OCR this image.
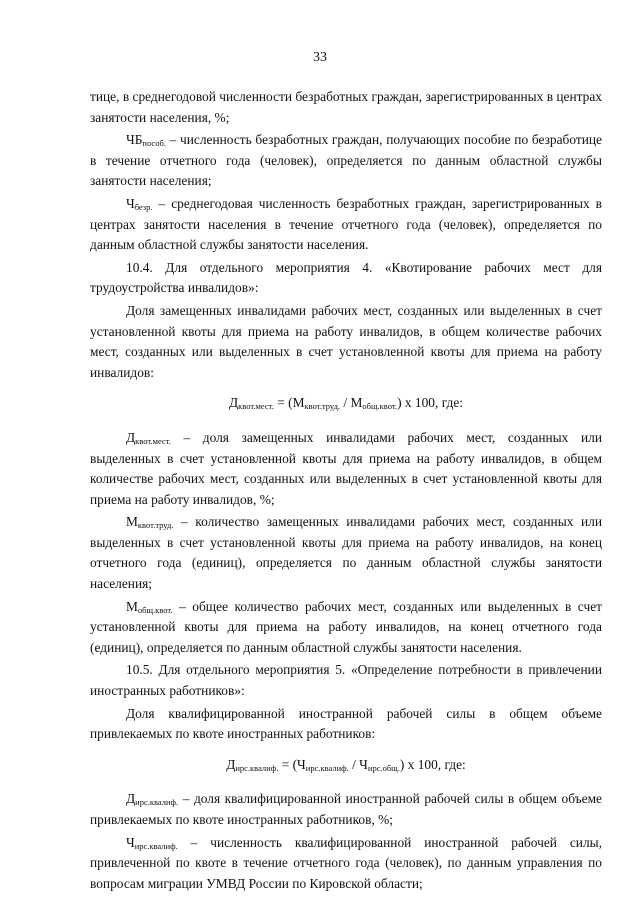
33

тице, в среднегодовой численности безработных граждан, зарегистрированных в центрах занятости населения, %;

$ЧБ_{пособ.}$ – численность безработных граждан, получающих пособие по безработице в течение отчетного года (человек), определяется по данным областной службы занятости населения;

$Ч_{безр.}$ – среднегодовая численность безработных граждан, зарегистрированных в центрах занятости населения в течение отчетного года (человек), определяется по данным областной службы занятости населения.

10.4. Для отдельного мероприятия 4. «Квотирование рабочих мест для трудоустройства инвалидов»:

Доля замещенных инвалидами рабочих мест, созданных или выделенных в счет установленной квоты для приема на работу инвалидов, в общем количестве рабочих мест, созданных или выделенных в счет установленной квоты для приема на работу инвалидов:

$Д_{квот.мест.} = (М_{квот.труд.} / М_{общ.квот.})$ х 100, где:

$Д_{квот.мест.}$ – доля замещенных инвалидами рабочих мест, созданных или выделенных в счет установленной квоты для приема на работу инвалидов, в общем количестве рабочих мест, созданных или выделенных в счет установленной квоты для приема на работу инвалидов, %;

$М_{квот.труд.}$ – количество замещенных инвалидами рабочих мест, созданных или выделенных в счет установленной квоты для приема на работу инвалидов, на конец отчетного года (единиц), определяется по данным областной службы занятости населения;

$М_{общ.квот.}$ – общее количество рабочих мест, созданных или выделенных в счет установленной квоты для приема на работу инвалидов, на конец отчетного года (единиц), определяется по данным областной службы занятости населения.

10.5. Для отдельного мероприятия 5. «Определение потребности в привлечении иностранных работников»:

Доля квалифицированной иностранной рабочей силы в общем объеме привлекаемых по квоте иностранных работников:

$Д_{ирс.квалиф.} = (Ч_{ирс.квалиф.} / Ч_{ирс.общ.})$ х 100, где:

$Д_{ирс.квалиф.}$ – доля квалифицированной иностранной рабочей силы в общем объеме привлекаемых по квоте иностранных работников, %;

$Ч_{ирс.квалиф.}$ – численность квалифицированной иностранной рабочей силы, привлеченной по квоте в течение отчетного года (человек), по данным управления по вопросам миграции УМВД России по Кировской области;
